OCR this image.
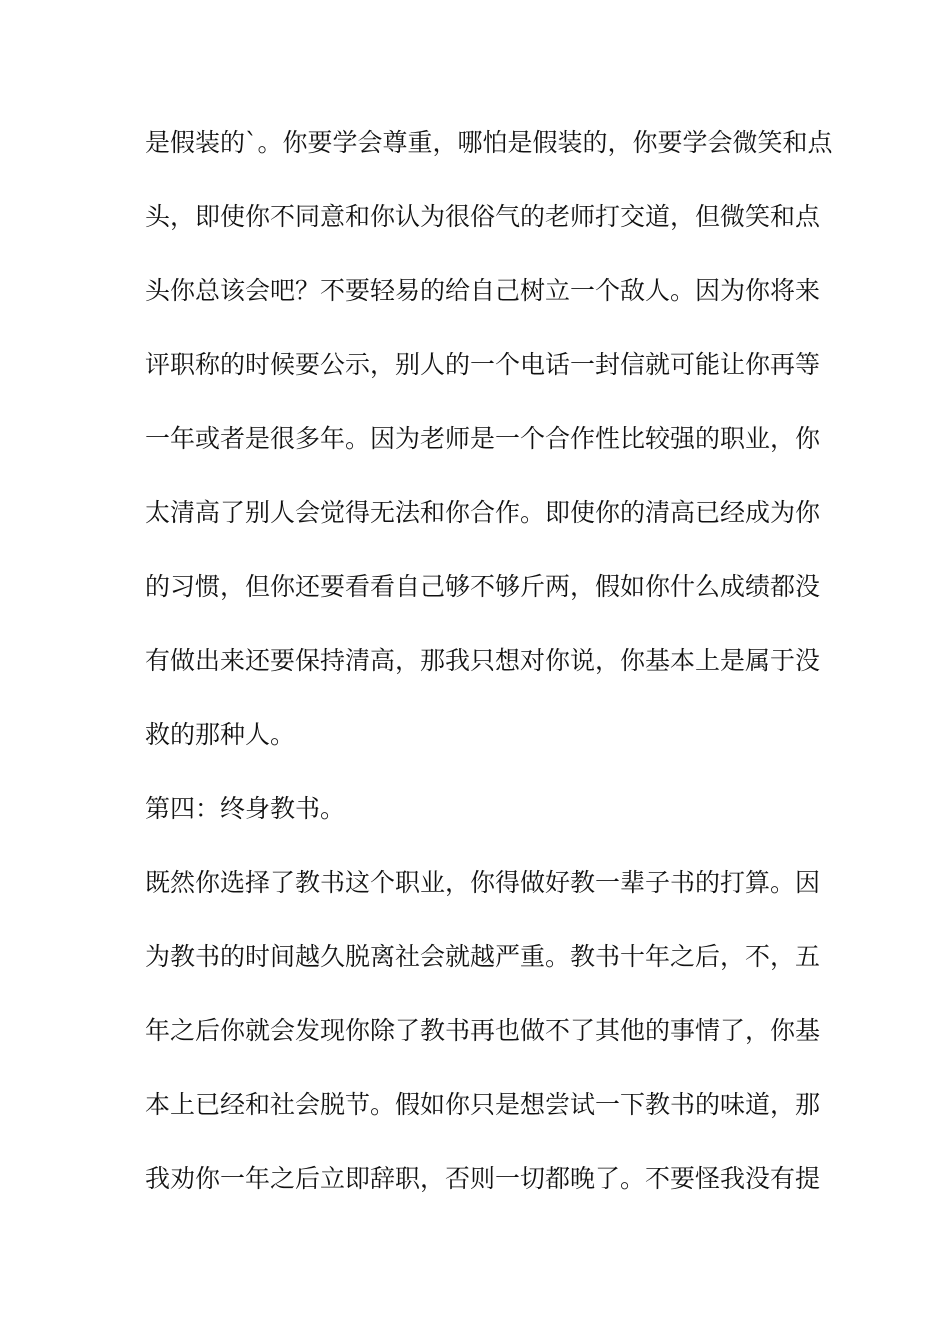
是假装的`。你要学会尊重，哪怕是假装的，你要学会微笑和点
头，即使你不同意和你认为很俗气的老师打交道，但微笑和点
头你总该会吧？不要轻易的给自己树立一个敌人。因为你将来
评职称的时候要公示，别人的一个电话一封信就可能让你再等
一年或者是很多年。因为老师是一个合作性比较强的职业，你
太清高了别人会觉得无法和你合作。即使你的清高已经成为你
的习惯，但你还要看看自己够不够斤两，假如你什么成绩都没
有做出来还要保持清高，那我只想对你说，你基本上是属于没
救的那种人。
第四：终身教书。
既然你选择了教书这个职业，你得做好教一辈子书的打算。因
为教书的时间越久脱离社会就越严重。教书十年之后，不，五
年之后你就会发现你除了教书再也做不了其他的事情了，你基
本上已经和社会脱节。假如你只是想尝试一下教书的味道，那
我劝你一年之后立即辞职，否则一切都晚了。不要怪我没有提
